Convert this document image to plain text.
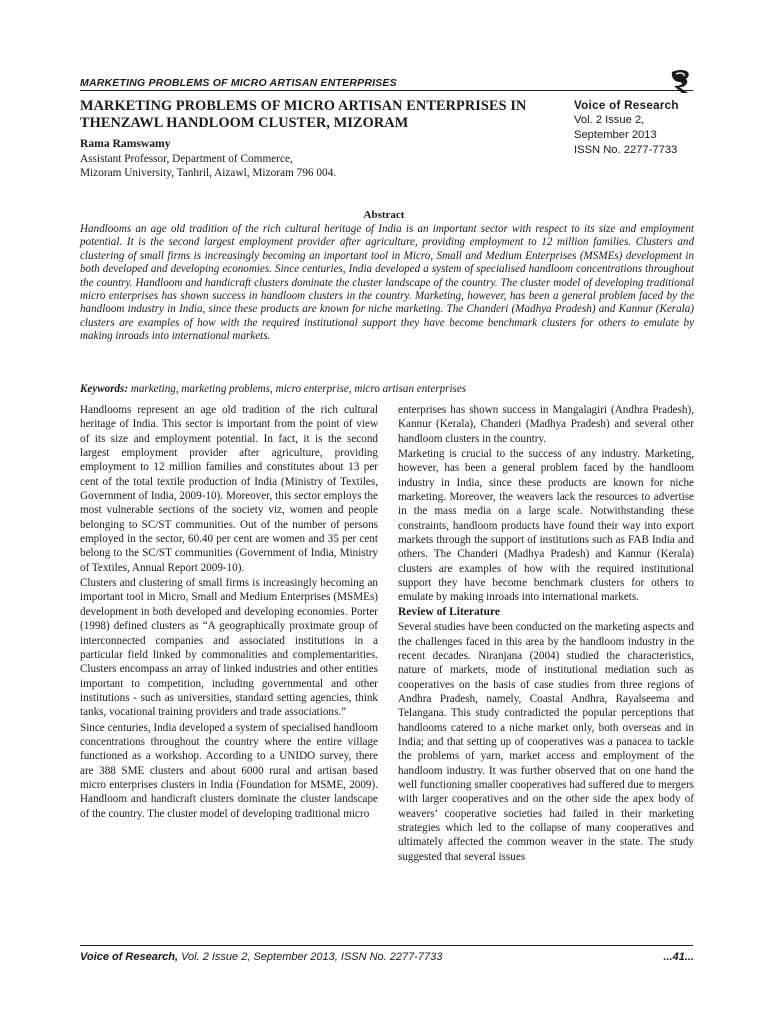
MARKETING PROBLEMS OF MICRO ARTISAN ENTERPRISES
MARKETING PROBLEMS OF MICRO ARTISAN ENTERPRISES IN THENZAWL HANDLOOM CLUSTER, MIZORAM
Voice of Research
Vol. 2 Issue 2,
September 2013
ISSN No. 2277-7733
Rama Ramswamy
Assistant Professor, Department of Commerce,
Mizoram University, Tanhril, Aizawl, Mizoram 796 004.
Abstract
Handlooms an age old tradition of the rich cultural heritage of India is an important sector with respect to its size and employment potential. It is the second largest employment provider after agriculture, providing employment to 12 million families. Clusters and clustering of small firms is increasingly becoming an important tool in Micro, Small and Medium Enterprises (MSMEs) development in both developed and developing economies. Since centuries, India developed a system of specialised handloom concentrations throughout the country. Handloom and handicraft clusters dominate the cluster landscape of the country. The cluster model of developing traditional micro enterprises has shown success in handloom clusters in the country. Marketing, however, has been a general problem faced by the handloom industry in India, since these products are known for niche marketing. The Chanderi (Madhya Pradesh) and Kannur (Kerala) clusters are examples of how with the required institutional support they have become benchmark clusters for others to emulate by making inroads into international markets.
Keywords: marketing, marketing problems, micro enterprise, micro artisan enterprises

Handlooms represent an age old tradition of the rich cultural heritage of India. This sector is important from the point of view of its size and employment potential. In fact, it is the second largest employment provider after agriculture, providing employment to 12 million families and constitutes about 13 per cent of the total textile production of India (Ministry of Textiles, Government of India, 2009-10). Moreover, this sector employs the most vulnerable sections of the society viz, women and people belonging to SC/ST communities. Out of the number of persons employed in the sector, 60.40 per cent are women and 35 per cent belong to the SC/ST communities (Government of India, Ministry of Textiles, Annual Report 2009-10).

Clusters and clustering of small firms is increasingly becoming an important tool in Micro, Small and Medium Enterprises (MSMEs) development in both developed and developing economies. Porter (1998) defined clusters as “A geographically proximate group of interconnected companies and associated institutions in a particular field linked by commonalities and complementarities. Clusters encompass an array of linked industries and other entities important to competition, including governmental and other institutions - such as universities, standard setting agencies, think tanks, vocational training providers and trade associations.”

Since centuries, India developed a system of specialised handloom concentrations throughout the country where the entire village functioned as a workshop. According to a UNIDO survey, there are 388 SME clusters and about 6000 rural and artisan based micro enterprises clusters in India (Foundation for MSME, 2009). Handloom and handicraft clusters dominate the cluster landscape of the country. The cluster model of developing traditional micro

enterprises has shown success in Mangalagiri (Andhra Pradesh), Kannur (Kerala), Chanderi (Madhya Pradesh) and several other handloom clusters in the country.

Marketing is crucial to the success of any industry. Marketing, however, has been a general problem faced by the handloom industry in India, since these products are known for niche marketing. Moreover, the weavers lack the resources to advertise in the mass media on a large scale. Notwithstanding these constraints, handloom products have found their way into export markets through the support of institutions such as FAB India and others. The Chanderi (Madhya Pradesh) and Kannur (Kerala) clusters are examples of how with the required institutional support they have become benchmark clusters for others to emulate by making inroads into international markets.

Review of Literature

Several studies have been conducted on the marketing aspects and the challenges faced in this area by the handloom industry in the recent decades. Niranjana (2004) studied the characteristics, nature of markets, mode of institutional mediation such as cooperatives on the basis of case studies from three regions of Andhra Pradesh, namely, Coastal Andhra, Rayalseema and Telangana. This study contradicted the popular perceptions that handlooms catered to a niche market only, both overseas and in India; and that setting up of cooperatives was a panacea to tackle the problems of yarn, market access and employment of the handloom industry. It was further observed that on one hand the well functioning smaller cooperatives had suffered due to mergers with larger cooperatives and on the other side the apex body of weavers’ cooperative societies had failed in their marketing strategies which led to the collapse of many cooperatives and ultimately affected the common weaver in the state. The study suggested that several issues

Voice of Research, Vol. 2 Issue 2, September 2013, ISSN No. 2277-7733	...41...
